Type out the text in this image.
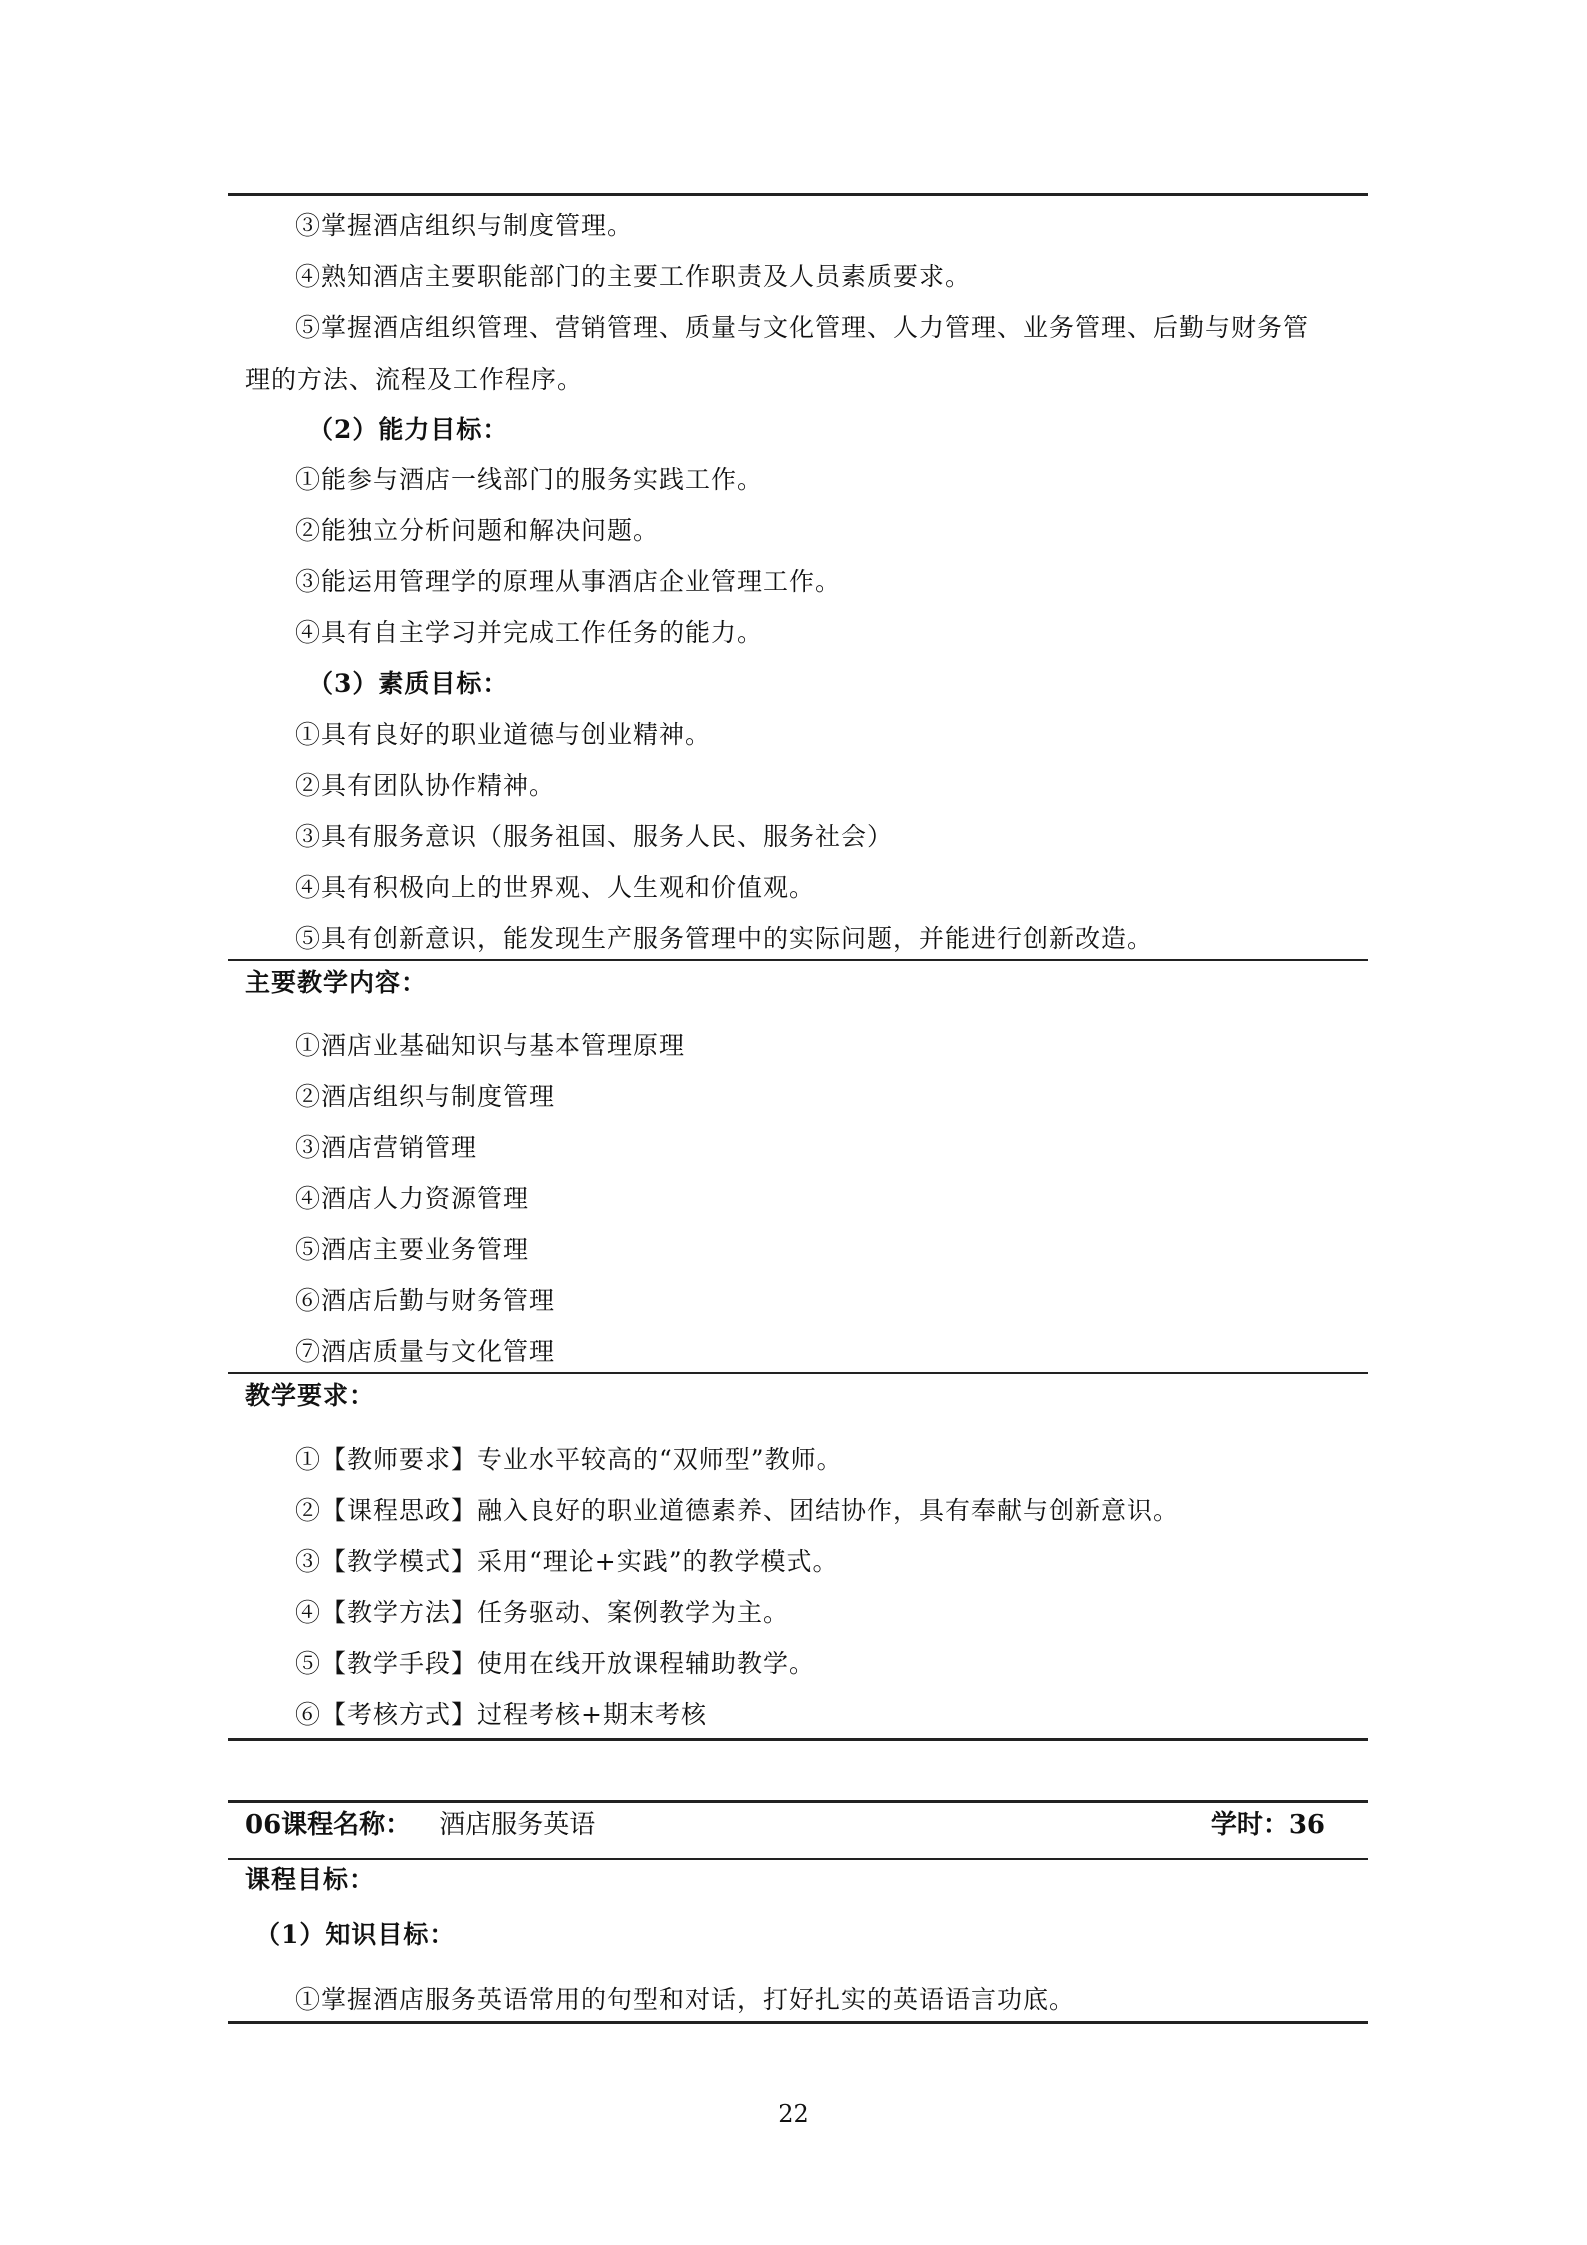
③掌握酒店组织与制度管理。
④熟知酒店主要职能部门的主要工作职责及人员素质要求。
⑤掌握酒店组织管理、营销管理、质量与文化管理、人力管理、业务管理、后勤与财务管理的方法、流程及工作程序。
（2）能力目标：
①能参与酒店一线部门的服务实践工作。
②能独立分析问题和解决问题。
③能运用管理学的原理从事酒店企业管理工作。
④具有自主学习并完成工作任务的能力。
（3）素质目标：
①具有良好的职业道德与创业精神。
②具有团队协作精神。
③具有服务意识（服务祖国、服务人民、服务社会）
④具有积极向上的世界观、人生观和价值观。
⑤具有创新意识，能发现生产服务管理中的实际问题，并能进行创新改造。
主要教学内容：
①酒店业基础知识与基本管理原理
②酒店组织与制度管理
③酒店营销管理
④酒店人力资源管理
⑤酒店主要业务管理
⑥酒店后勤与财务管理
⑦酒店质量与文化管理
教学要求：
①【教师要求】专业水平较高的“双师型”教师。
②【课程思政】融入良好的职业道德素养、团结协作，具有奉献与创新意识。
③【教学模式】采用“理论+实践”的教学模式。
④【教学方法】任务驱动、案例教学为主。
⑤【教学手段】使用在线开放课程辅助教学。
⑥【考核方式】过程考核+期末考核
06课程名称： 酒店服务英语	学时：36
课程目标：
（1）知识目标：
①掌握酒店服务英语常用的句型和对话，打好扎实的英语语言功底。
22
